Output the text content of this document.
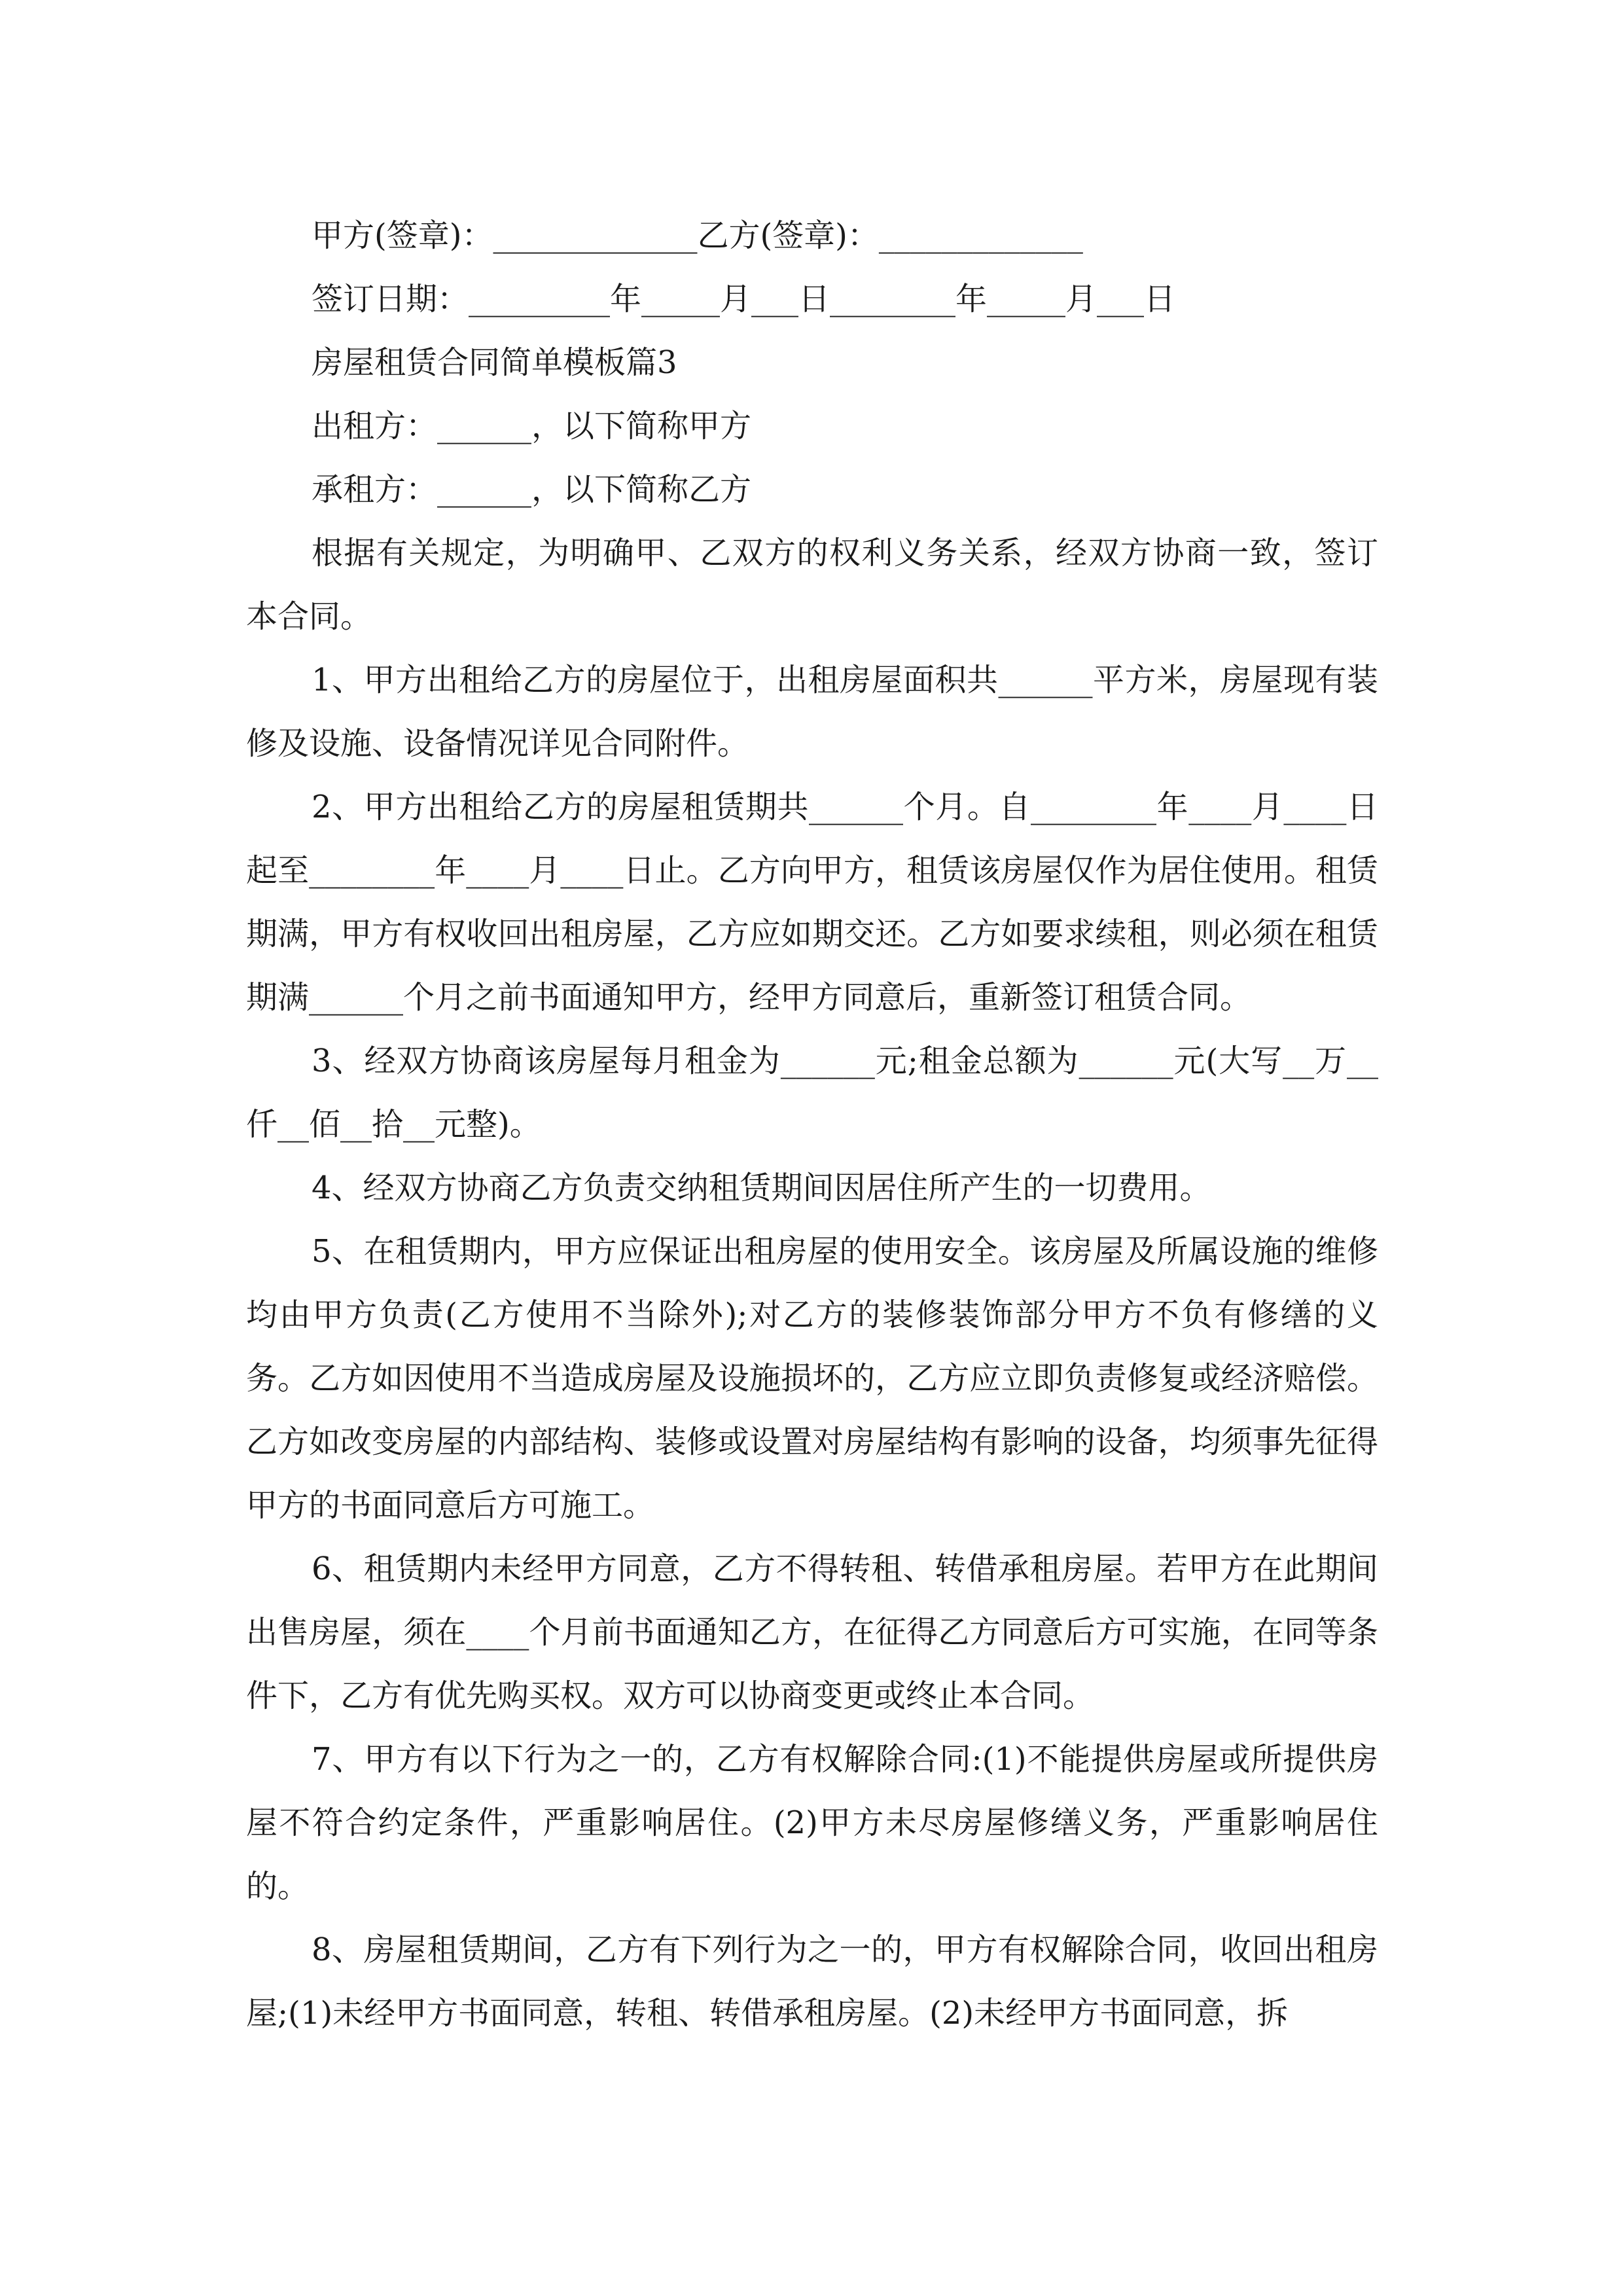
甲方(签章)：_____________乙方(签章)：_____________
签订日期：_________年_____月___日________年_____月___日
房屋租赁合同简单模板篇3
出租方：______，以下简称甲方
承租方：______，以下简称乙方

根据有关规定，为明确甲、乙双方的权利义务关系，经双方协商一致，签订本合同。

1、甲方出租给乙方的房屋位于，出租房屋面积共______平方米，房屋现有装修及设施、设备情况详见合同附件。

2、甲方出租给乙方的房屋租赁期共______个月。自________年____月____日起至________年____月____日止。乙方向甲方，租赁该房屋仅作为居住使用。租赁期满，甲方有权收回出租房屋，乙方应如期交还。乙方如要求续租，则必须在租赁期满______个月之前书面通知甲方，经甲方同意后，重新签订租赁合同。

3、经双方协商该房屋每月租金为______元;租金总额为______元(大写__万__仟__佰__拾__元整)。

4、经双方协商乙方负责交纳租赁期间因居住所产生的一切费用。

5、在租赁期内，甲方应保证出租房屋的使用安全。该房屋及所属设施的维修均由甲方负责(乙方使用不当除外);对乙方的装修装饰部分甲方不负有修缮的义务。乙方如因使用不当造成房屋及设施损坏的，乙方应立即负责修复或经济赔偿。乙方如改变房屋的内部结构、装修或设置对房屋结构有影响的设备，均须事先征得甲方的书面同意后方可施工。

6、租赁期内未经甲方同意，乙方不得转租、转借承租房屋。若甲方在此期间出售房屋，须在____个月前书面通知乙方，在征得乙方同意后方可实施，在同等条件下，乙方有优先购买权。双方可以协商变更或终止本合同。

7、甲方有以下行为之一的，乙方有权解除合同:(1)不能提供房屋或所提供房屋不符合约定条件，严重影响居住。(2)甲方未尽房屋修缮义务，严重影响居住的。

8、房屋租赁期间，乙方有下列行为之一的，甲方有权解除合同，收回出租房屋;(1)未经甲方书面同意，转租、转借承租房屋。(2)未经甲方书面同意，拆
